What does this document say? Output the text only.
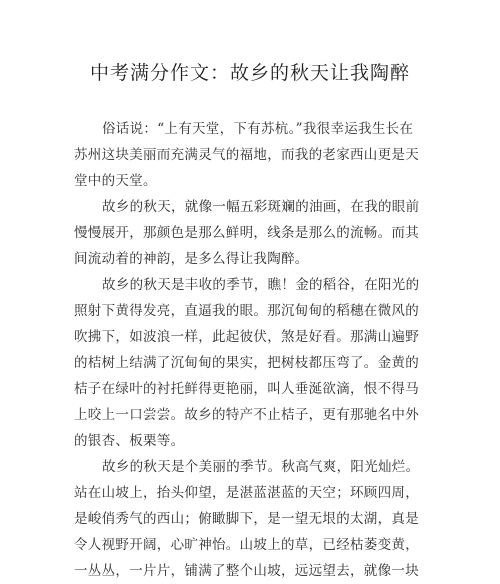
中考满分作文：故乡的秋天让我陶醉
俗话说：“上有天堂，下有苏杭。”我很幸运我生长在
苏州这块美丽而充满灵气的福地，而我的老家西山更是天
堂中的天堂。
故乡的秋天，就像一幅五彩斑斓的油画，在我的眼前
慢慢展开，那颜色是那么鲜明，线条是那么的流畅。而其
间流动着的神韵，是多么得让我陶醉。
故乡的秋天是丰收的季节，瞧！金的稻谷，在阳光的
照射下黄得发亮，直逼我的眼。那沉甸甸的稻穗在微风的
吹拂下，如波浪一样，此起彼伏，煞是好看。那满山遍野
的桔树上结满了沉甸甸的果实，把树枝都压弯了。金黄的
桔子在绿叶的衬托鲜得更艳丽，叫人垂涎欲滴，恨不得马
上咬上一口尝尝。故乡的特产不止桔子，更有那驰名中外
的银杏、板栗等。
故乡的秋天是个美丽的季节。秋高气爽，阳光灿烂。
站在山坡上，抬头仰望，是湛蓝湛蓝的天空；环顾四周，
是峻俏秀气的西山；俯瞰脚下，是一望无垠的太湖，真是
令人视野开阔，心旷神怡。山坡上的草，已经枯萎变黄，
一丛丛，一片片，铺满了整个山坡，远远望去，就像一块
